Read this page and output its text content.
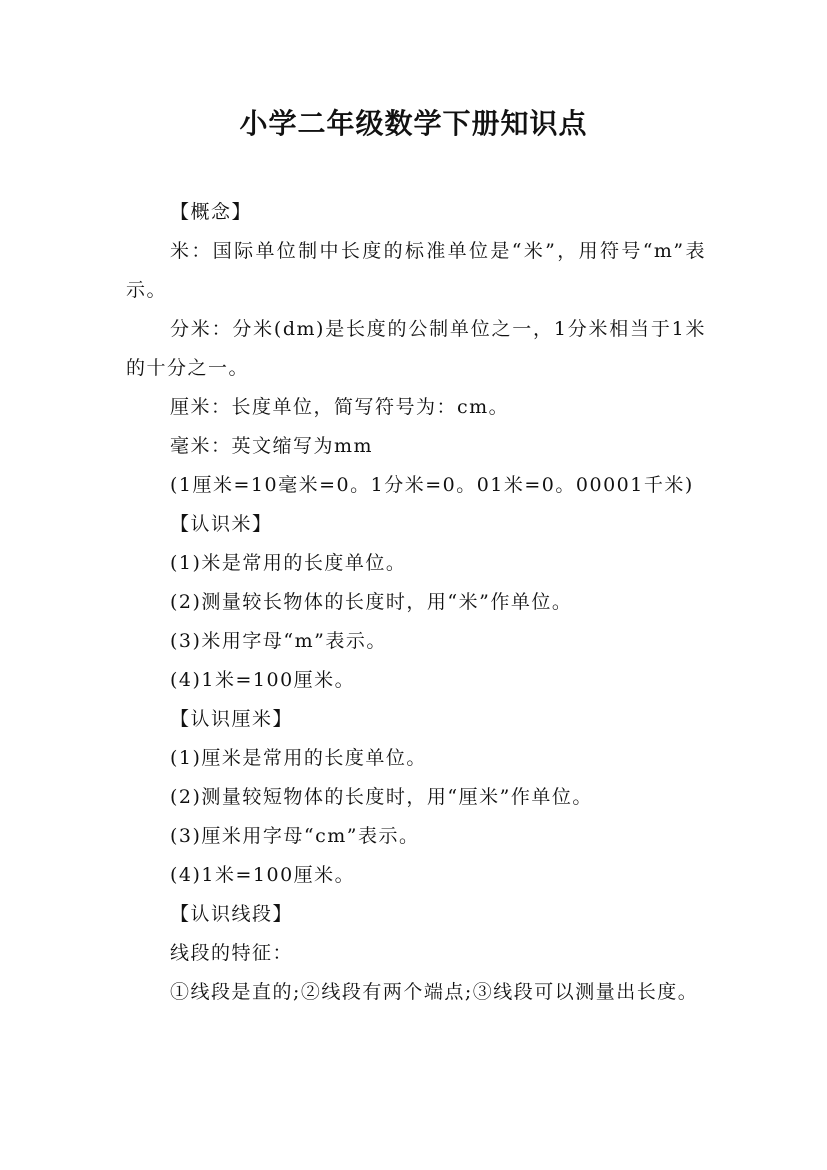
小学二年级数学下册知识点

【概念】

米：国际单位制中长度的标准单位是“米”，用符号“m”表示。

分米：分米(dm)是长度的公制单位之一，1分米相当于1米的十分之一。

厘米：长度单位，简写符号为：cm。

毫米：英文缩写为mm

(1厘米=10毫米=0。1分米=0。01米=0。00001千米)

【认识米】

(1)米是常用的长度单位。

(2)测量较长物体的长度时，用“米”作单位。

(3)米用字母“m”表示。

(4)1米=100厘米。

【认识厘米】

(1)厘米是常用的长度单位。

(2)测量较短物体的长度时，用“厘米”作单位。

(3)厘米用字母“cm”表示。

(4)1米=100厘米。

【认识线段】

线段的特征：

①线段是直的;②线段有两个端点;③线段可以测量出长度。
